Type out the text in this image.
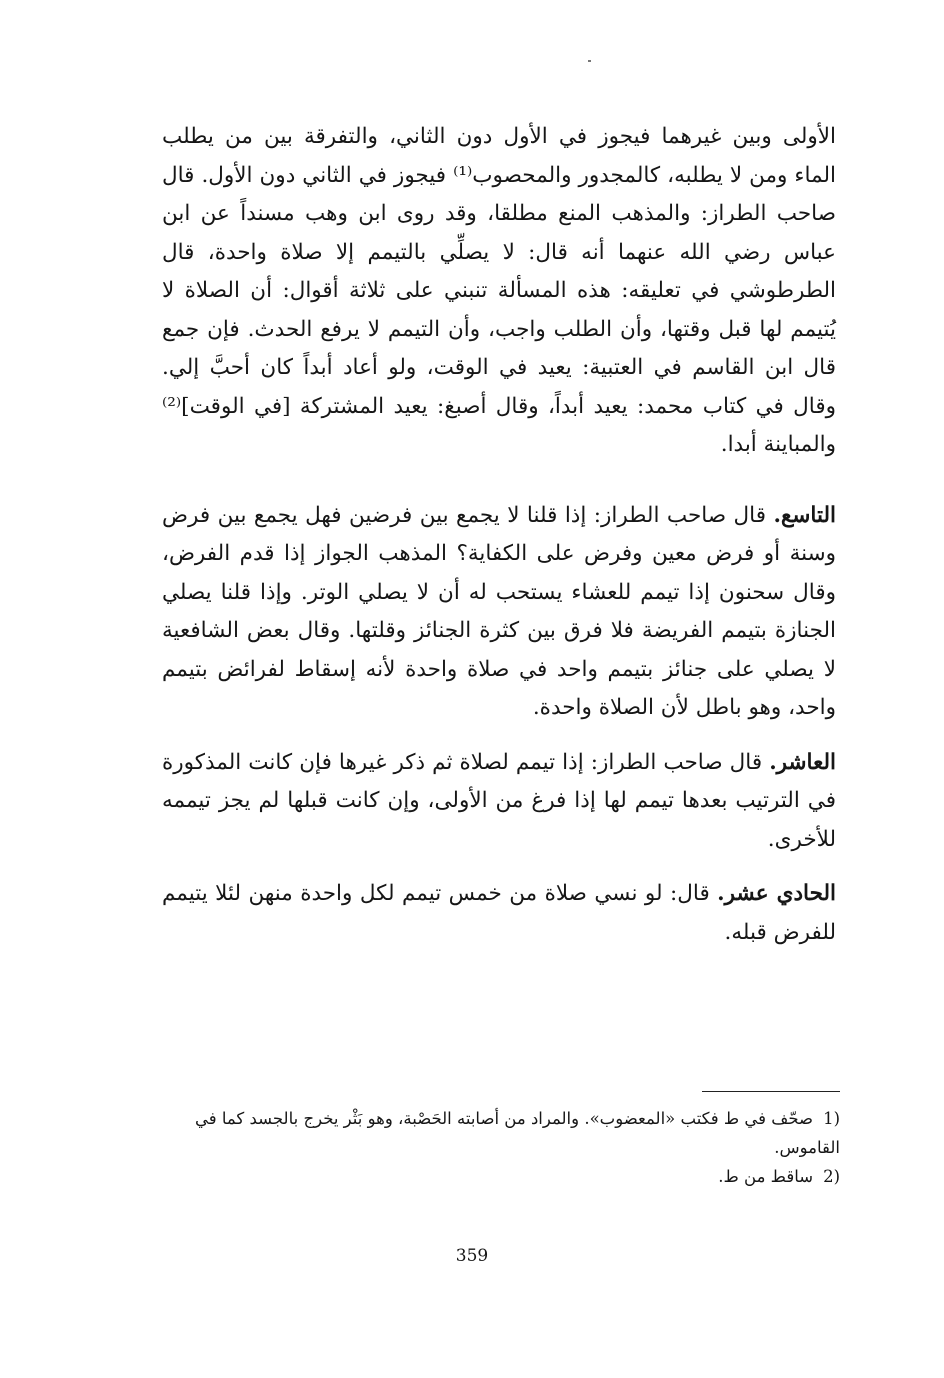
الأولى وبين غيرهما فيجوز في الأول دون الثاني، والتفرقة بين من يطلب الماء ومن لا يطلبه، كالمجدور والمحصوب⁽¹⁾ فيجوز في الثاني دون الأول. قال صاحب الطراز: والمذهب المنع مطلقا، وقد روى ابن وهب مسنداً عن ابن عباس رضي الله عنهما أنه قال: لا يصلِّي بالتيمم إلا صلاة واحدة، قال الطرطوشي في تعليقه: هذه المسألة تنبني على ثلاثة أقوال: أن الصلاة لا يُتيمم لها قبل وقتها، وأن الطلب واجب، وأن التيمم لا يرفع الحدث. فإن جمع قال ابن القاسم في العتبية: يعيد في الوقت، ولو أعاد أبداً كان أحبَّ إلي. وقال في كتاب محمد: يعيد أبداً، وقال أصبغ: يعيد المشتركة [في الوقت]⁽²⁾ والمباينة أبدا.

التاسع. قال صاحب الطراز: إذا قلنا لا يجمع بين فرضين فهل يجمع بين فرض وسنة أو فرض معين وفرض على الكفاية؟ المذهب الجواز إذا قدم الفرض، وقال سحنون إذا تيمم للعشاء يستحب له أن لا يصلي الوتر. وإذا قلنا يصلي الجنازة بتيمم الفريضة فلا فرق بين كثرة الجنائز وقلتها. وقال بعض الشافعية لا يصلي على جنائز بتيمم واحد في صلاة واحدة لأنه إسقاط لفرائض بتيمم واحد، وهو باطل لأن الصلاة واحدة.

العاشر. قال صاحب الطراز: إذا تيمم لصلاة ثم ذكر غيرها فإن كانت المذكورة في الترتيب بعدها تيمم لها إذا فرغ من الأولى، وإن كانت قبلها لم يجز تيممه للأخرى.

الحادي عشر. قال: لو نسي صلاة من خمس تيمم لكل واحدة منهن لئلا يتيمم للفرض قبله.

(1صحّف في ط فكتب «المعضوب». والمراد من أصابته الحَصْبة، وهو بَثْر يخرج بالجسد كما في القاموس.

(2ساقط من ط.

359
